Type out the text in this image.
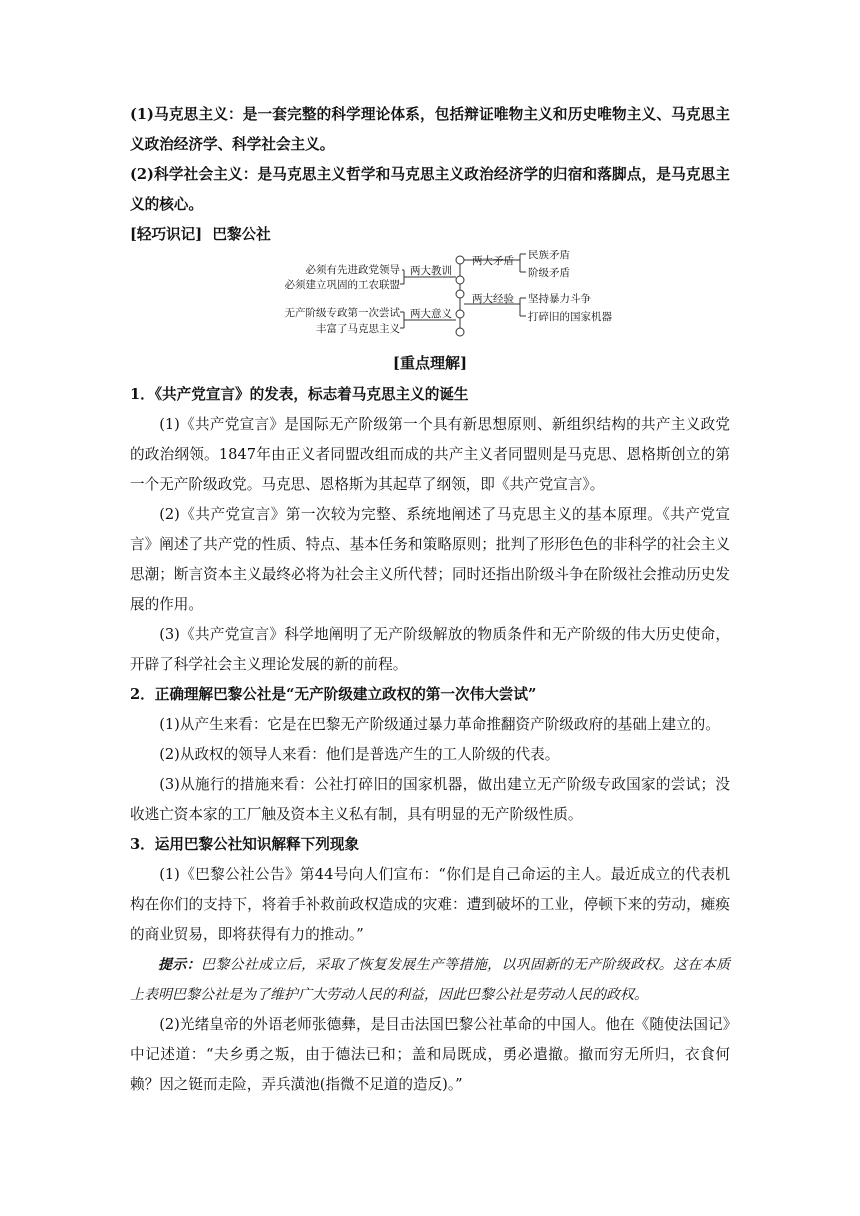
(1)马克思主义：是一套完整的科学理论体系，包括辩证唯物主义和历史唯物主义、马克思主义政治经济学、科学社会主义。

(2)科学社会主义：是马克思主义哲学和马克思主义政治经济学的归宿和落脚点，是马克思主义的核心。

[轻巧识记] 巴黎公社
必须有先进政党领导
必须建立巩固的工农联盟
无产阶级专政第一次尝试
丰富了马克思主义
两大教训
两大意义
两大矛盾
两大经验
民族矛盾
阶级矛盾
坚持暴力斗争
打碎旧的国家机器
[重点理解]
1．《共产党宣言》的发表，标志着马克思主义的诞生

(1)《共产党宣言》是国际无产阶级第一个具有新思想原则、新组织结构的共产主义政党的政治纲领。1847年由正义者同盟改组而成的共产主义者同盟则是马克思、恩格斯创立的第一个无产阶级政党。马克思、恩格斯为其起草了纲领，即《共产党宣言》。

(2)《共产党宣言》第一次较为完整、系统地阐述了马克思主义的基本原理。《共产党宣言》阐述了共产党的性质、特点、基本任务和策略原则；批判了形形色色的非科学的社会主义思潮；断言资本主义最终必将为社会主义所代替；同时还指出阶级斗争在阶级社会推动历史发展的作用。

(3)《共产党宣言》科学地阐明了无产阶级解放的物质条件和无产阶级的伟大历史使命，开辟了科学社会主义理论发展的新的前程。

2．正确理解巴黎公社是“无产阶级建立政权的第一次伟大尝试”

(1)从产生来看：它是在巴黎无产阶级通过暴力革命推翻资产阶级政府的基础上建立的。

(2)从政权的领导人来看：他们是普选产生的工人阶级的代表。

(3)从施行的措施来看：公社打碎旧的国家机器，做出建立无产阶级专政国家的尝试；没收逃亡资本家的工厂触及资本主义私有制，具有明显的无产阶级性质。

3．运用巴黎公社知识解释下列现象

(1)《巴黎公社公告》第44号向人们宣布：“你们是自己命运的主人。最近成立的代表机构在你们的支持下，将着手补救前政权造成的灾难：遭到破坏的工业，停顿下来的劳动，瘫痪的商业贸易，即将获得有力的推动。”

提示：巴黎公社成立后，采取了恢复发展生产等措施，以巩固新的无产阶级政权。这在本质上表明巴黎公社是为了维护广大劳动人民的利益，因此巴黎公社是劳动人民的政权。

(2)光绪皇帝的外语老师张德彝，是目击法国巴黎公社革命的中国人。他在《随使法国记》中记述道：“夫乡勇之叛，由于德法已和；盖和局既成，勇必遣撤。撤而穷无所归，衣食何赖？因之铤而走险，弄兵潢池(指微不足道的造反)。”
